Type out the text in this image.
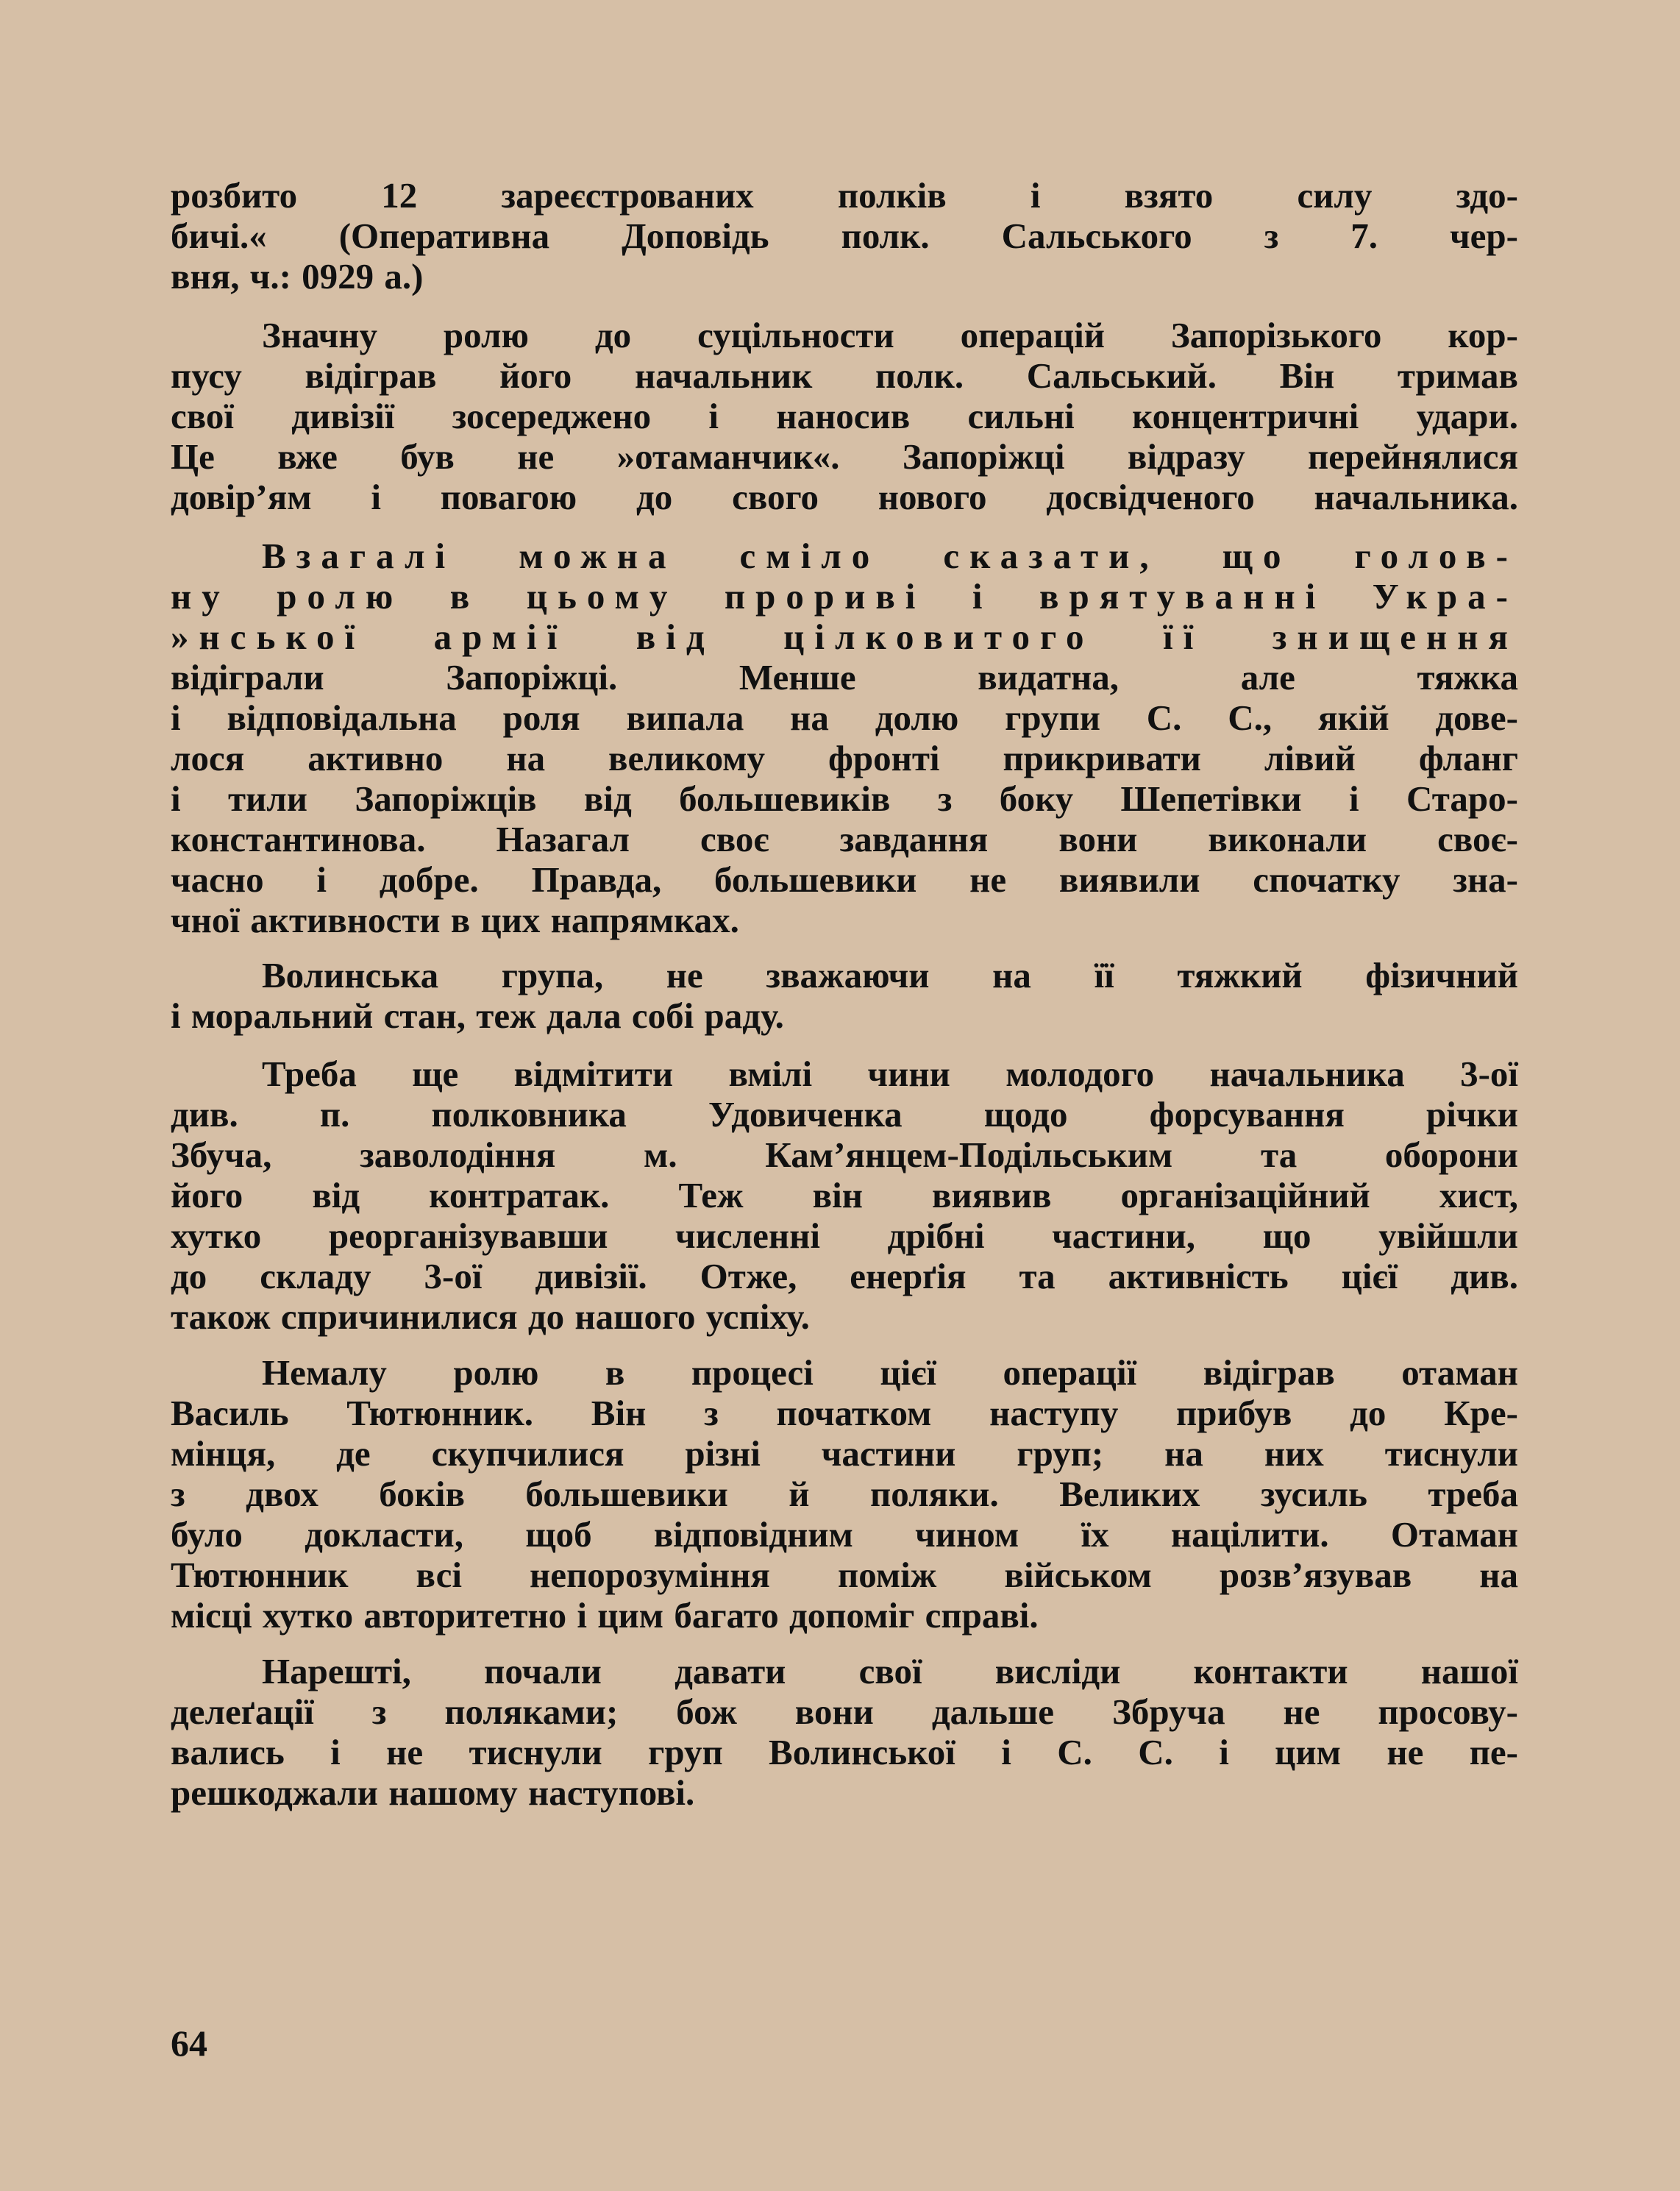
розбито 12 зареєстрованих полків і взято силу здо-
бичі.« (Оперативна Доповідь полк. Сальського з 7. чер-
вня, ч.: 0929 а.)
Значну ролю до суцільности операцій Запорізького кор-
пусу відіграв його начальник полк. Сальський. Він тримав
свої дивізії зосереджено і наносив сильні концентричні удари.
Це вже був не »отаманчик«. Запоріжці відразу перейнялися
довір’ям і повагою до свого нового досвідченого начальника.
Взагалі можна сміло сказати, що голов-
ну ролю в цьому прориві і врятуванні Укра-
»нської армії від цілковитого її знищення
відіграли Запоріжці. Менше видатна, але тяжка
і відповідальна роля випала на долю групи С. С., якій дове-
лося активно на великому фронті прикривати лівий фланг
і тили Запоріжців від большевиків з боку Шепетівки і Старо-
константинова. Назагал своє завдання вони виконали своє-
часно і добре. Правда, большевики не виявили спочатку зна-
чної активности в цих напрямках.
Волинська група, не зважаючи на її тяжкий фізичний
і моральний стан, теж дала собі раду.
Треба ще відмітити вмілі чини молодого начальника 3-ої
див. п. полковника Удовиченка щодо форсування річки
Збуча, заволодіння м. Кам’янцем-Подільським та оборони
його від контратак. Теж він виявив організаційний хист,
хутко реорганізувавши численні дрібні частини, що увійшли
до складу 3-ої дивізії. Отже, енерґія та активність цієї див.
також спричинилися до нашого успіху.
Немалу ролю в процесі цієї операції відіграв отаман
Василь Тютюнник. Він з початком наступу прибув до Кре-
мінця, де скупчилися різні частини груп; на них тиснули
з двох боків большевики й поляки. Великих зусиль треба
було докласти, щоб відповідним чином їх націлити. Отаман
Тютюнник всі непорозуміння поміж військом розв’язував на
місці хутко авторитетно і цим багато допоміг справі.
Нарешті, почали давати свої висліди контакти нашої
делеґації з поляками; бож вони дальше Збруча не просову-
вались і не тиснули груп Волинської і С. С. і цим не пе-
решкоджали нашому наступові.

64
